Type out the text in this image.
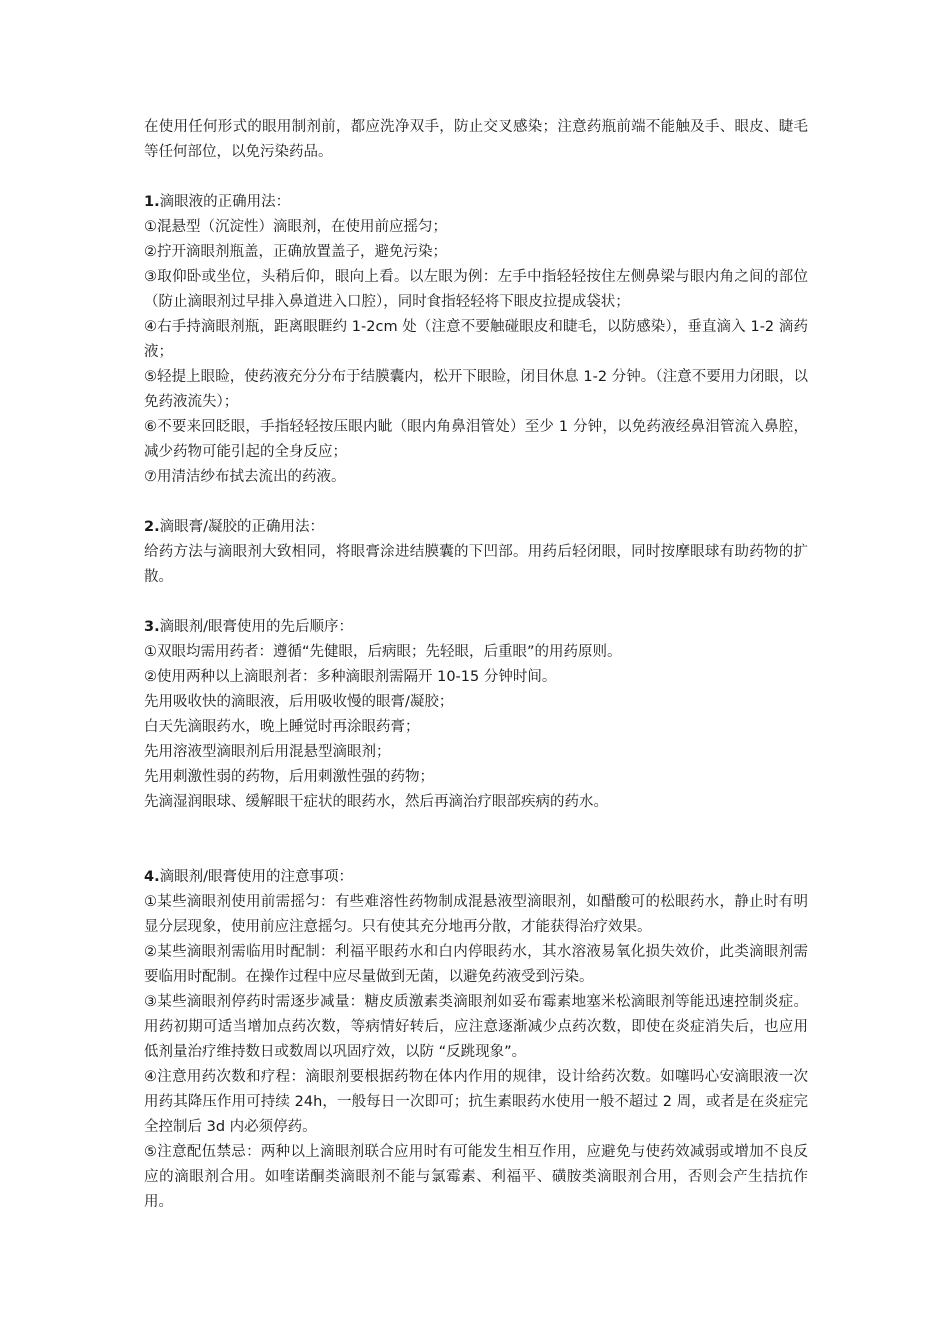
在使用任何形式的眼用制剂前，都应洗净双手，防止交叉感染；注意药瓶前端不能触及手、眼皮、睫毛等任何部位，以免污染药品。

1.滴眼液的正确用法：

①混悬型（沉淀性）滴眼剂，在使用前应摇匀；

②拧开滴眼剂瓶盖，正确放置盖子，避免污染；

③取仰卧或坐位，头稍后仰，眼向上看。以左眼为例：左手中指轻轻按住左侧鼻梁与眼内角之间的部位（防止滴眼剂过早排入鼻道进入口腔），同时食指轻轻将下眼皮拉提成袋状；

④右手持滴眼剂瓶，距离眼睚约 1-2cm 处（注意不要触碰眼皮和睫毛，以防感染），垂直滴入 1-2 滴药液；

⑤轻提上眼睑，使药液充分分布于结膜囊内，松开下眼睑，闭目休息 1-2 分钟。（注意不要用力闭眼，以免药液流失）；

⑥不要来回眨眼，手指轻轻按压眼内眦（眼内角鼻泪管处）至少 1 分钟，以免药液经鼻泪管流入鼻腔，减少药物可能引起的全身反应；

⑦用清洁纱布拭去流出的药液。

2.滴眼膏/凝胶的正确用法：

给药方法与滴眼剂大致相同，将眼膏涂进结膜囊的下凹部。用药后轻闭眼，同时按摩眼球有助药物的扩散。

3.滴眼剂/眼膏使用的先后顺序：

①双眼均需用药者：遵循“先健眼，后病眼；先轻眼，后重眼”的用药原则。

②使用两种以上滴眼剂者：多种滴眼剂需隔开 10-15 分钟时间。

先用吸收快的滴眼液，后用吸收慢的眼膏/凝胶；

白天先滴眼药水，晚上睡觉时再涂眼药膏；

先用溶液型滴眼剂后用混悬型滴眼剂；

先用刺激性弱的药物，后用刺激性强的药物；

先滴湿润眼球、缓解眼干症状的眼药水，然后再滴治疗眼部疾病的药水。

4.滴眼剂/眼膏使用的注意事项：

①某些滴眼剂使用前需摇匀：有些难溶性药物制成混悬液型滴眼剂，如醋酸可的松眼药水，静止时有明显分层现象，使用前应注意摇匀。只有使其充分地再分散，才能获得治疗效果。

②某些滴眼剂需临用时配制：利福平眼药水和白内停眼药水，其水溶液易氧化损失效价，此类滴眼剂需要临用时配制。在操作过程中应尽量做到无菌，以避免药液受到污染。

③某些滴眼剂停药时需逐步减量：糖皮质激素类滴眼剂如妥布霉素地塞米松滴眼剂等能迅速控制炎症。用药初期可适当增加点药次数，等病情好转后，应注意逐渐减少点药次数，即使在炎症消失后，也应用低剂量治疗维持数日或数周以巩固疗效，以防 “反跳现象”。

④注意用药次数和疗程：滴眼剂要根据药物在体内作用的规律，设计给药次数。如噻吗心安滴眼液一次用药其降压作用可持续 24h，一般每日一次即可；抗生素眼药水使用一般不超过 2 周，或者是在炎症完全控制后 3d 内必须停药。

⑤注意配伍禁忌：两种以上滴眼剂联合应用时有可能发生相互作用，应避免与使药效减弱或增加不良反应的滴眼剂合用。如喹诺酮类滴眼剂不能与氯霉素、利福平、磺胺类滴眼剂合用，否则会产生拮抗作用。
